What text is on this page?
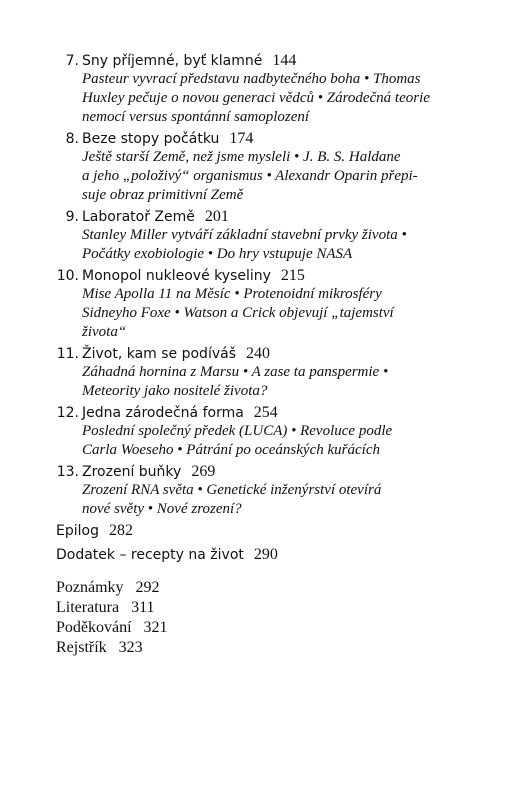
7. Sny příjemné, byť klamné 144
Pasteur vyvrací představu nadbytečného boha • Thomas
Huxley pečuje o novou generaci vědců • Zárodečná teorie
nemocí versus spontánní samoplození
8. Beze stopy počátku 174
Ještě starší Země, než jsme mysleli • J. B. S. Haldane
a jeho „položivý“ organismus • Alexandr Oparin přepi-
suje obraz primitivní Země
9. Laboratoř Země 201
Stanley Miller vytváří základní stavební prvky života •
Počátky exobiologie • Do hry vstupuje NASA
10. Monopol nukleové kyseliny 215
Mise Apolla 11 na Měsíc • Protenoidní mikrosféry
Sidneyho Foxe • Watson a Crick objevují „tajemství
života“
11. Život, kam se podíváš 240
Záhadná hornina z Marsu • A zase ta panspermie •
Meteority jako nositelé života?
12. Jedna zárodečná forma 254
Poslední společný předek (LUCA) • Revoluce podle
Carla Woeseho • Pátrání po oceánských kuřácích
13. Zrození buňky 269
Zrození RNA světa • Genetické inženýrství otevírá
nové světy • Nové zrození?
Epilog 282
Dodatek – recepty na život 290
Poznámky 292
Literatura 311
Poděkování 321
Rejstřík 323
